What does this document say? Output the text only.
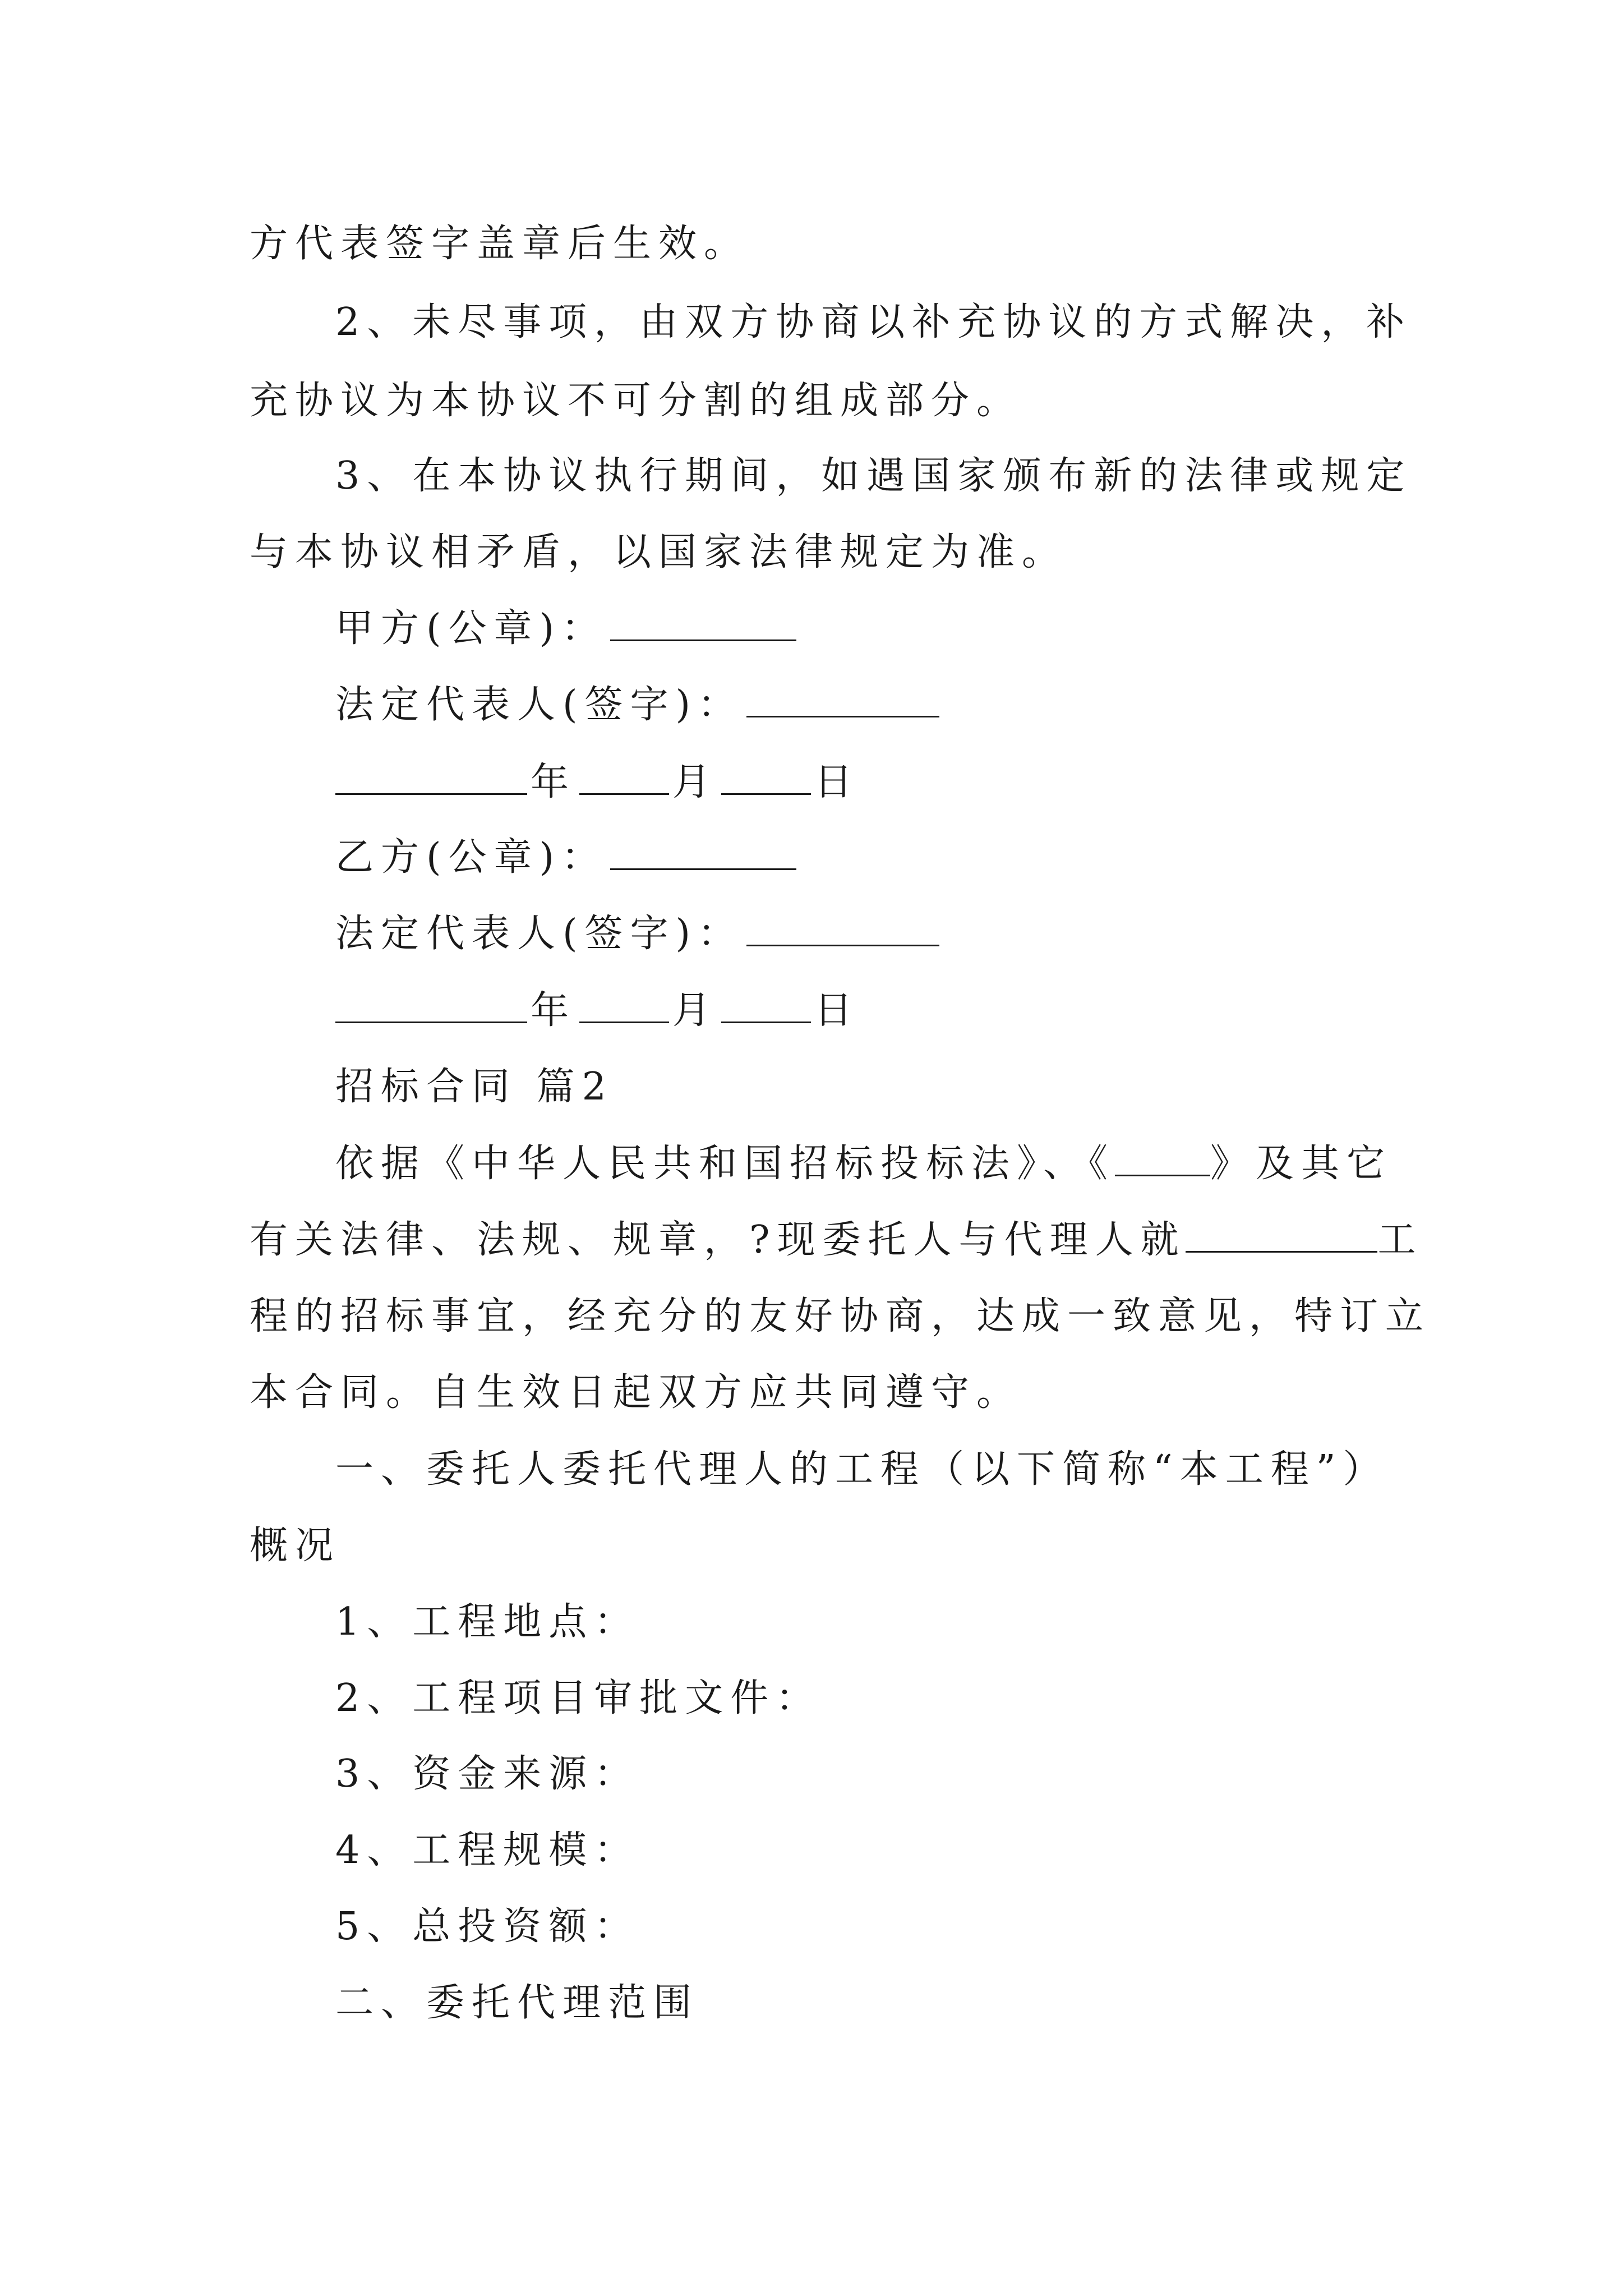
方代表签字盖章后生效。
2、未尽事项，由双方协商以补充协议的方式解决，补
充协议为本协议不可分割的组成部分。
3、在本协议执行期间，如遇国家颁布新的法律或规定
与本协议相矛盾，以国家法律规定为准。
甲方(公章)：
法定代表人(签字)：
年	月	日
乙方(公章)：
法定代表人(签字)：
年	月	日
招标合同 篇2
依据《中华人民共和国招标投标法》、《	》及其它
有关法律、法规、规章，?现委托人与代理人就	工
程的招标事宜，经充分的友好协商，达成一致意见，特订立
本合同。自生效日起双方应共同遵守。
一、委托人委托代理人的工程（以下简称“本工程”）
概况
1、工程地点：
2、工程项目审批文件：
3、资金来源：
4、工程规模：
5、总投资额：
二、委托代理范围
